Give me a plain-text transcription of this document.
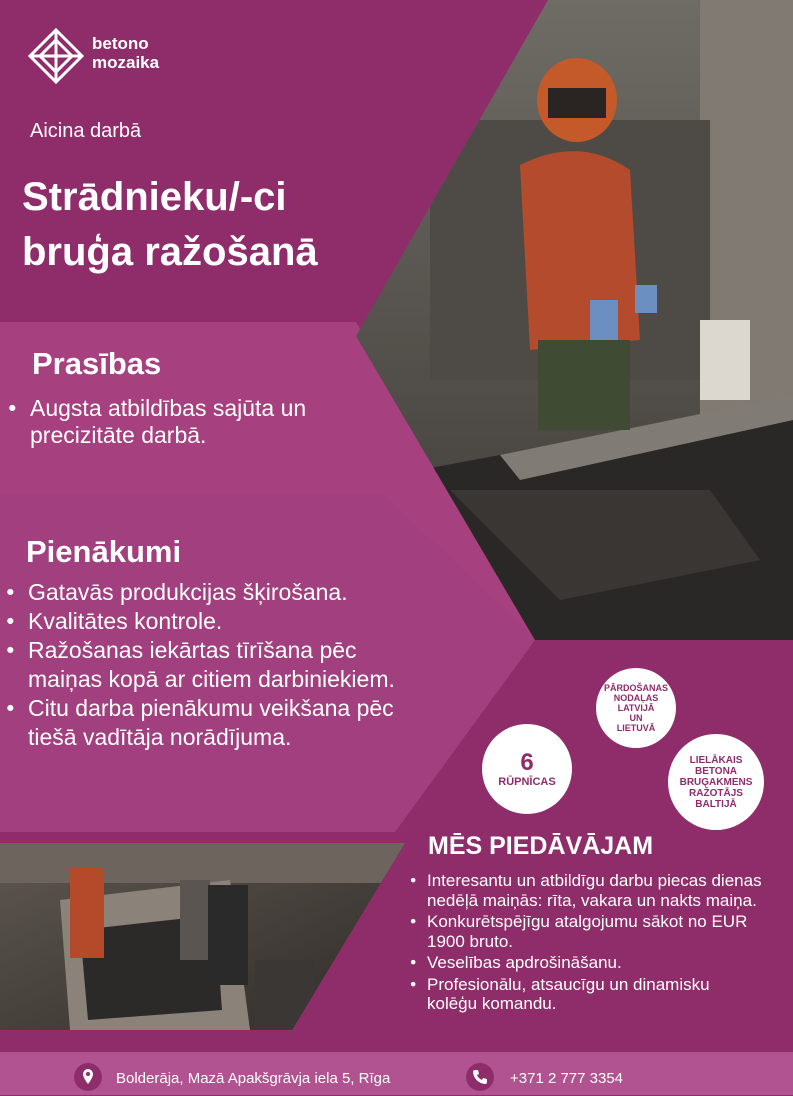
betono
mozaika
Aicina darbā
Strādnieku/-ci
bruģa ražošanā
Prasības
● Augsta atbildības sajūta un precizitāte darbā.
Pienākumi
● Gatavās produkcijas šķirošana.
● Kvalitātes kontrole.
● Ražošanas iekārtas tīrīšana pēc maiņas kopā ar citiem darbiniekiem.
● Citu darba pienākumu veikšana pēc tiešā vadītāja norādījuma.
PĀRDOŠANAS
NODAĻAS
LATVIJĀ
UN
LIETUVĀ
6
RŪPNĪCAS
LIELĀKAIS
BETONA
BRUĢAKMENS
RAŽOTĀJS
BALTIJĀ
MĒS PIEDĀVĀJAM
● Interesantu un atbildīgu darbu piecas dienas nedēļā maiņās: rīta, vakara un nakts maiņa.
● Konkurētspējīgu atalgojumu sākot no EUR 1900 bruto.
● Veselības apdrošināšanu.
● Profesionālu, atsaucīgu un dinamisku kolēģu komandu.
Bolderāja, Mazā Apakšgrāvja iela 5, Rīga	+371 2 777 3354
